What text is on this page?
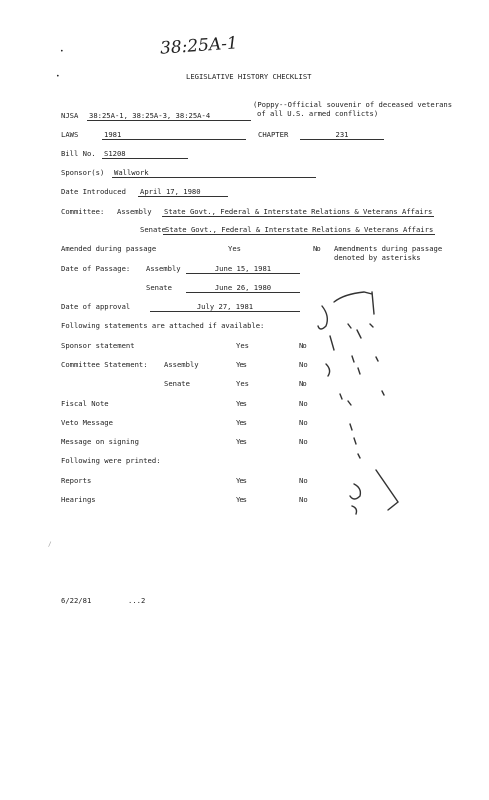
38:25A-1
•
•	LEGISLATIVE HISTORY CHECKLIST
NJSA 38:25A-1, 38:25A-3, 38:25A-4
(Poppy--Official souvenir of deceased veterans
of all U.S. armed conflicts)
LAWS	1981	CHAPTER	231
Bill No. S1208
Sponsor(s) Wallwork
Date Introduced April 17, 1980
Committee: Assembly State Govt., Federal & Interstate Relations & Veterans Affairs
Senate State Govt., Federal & Interstate Relations & Veterans Affairs
Amended during passage	Yes	No Amendments during passage
denoted by asterisks
Date of Passage: Assembly	June 15, 1981
Senate	June 26, 1980
Date of approval	July 27, 1981
Following statements are attached if available:
Sponsor statement	Yes	No
Committee Statement: Assembly	Yes	No
Senate	Yes	No
Fiscal Note	Yes	No
Veto Message	Yes	No
Message on signing	Yes	No
Following were printed:
Reports	Yes	No
Hearings	Yes	No
/
6/22/81	...2
